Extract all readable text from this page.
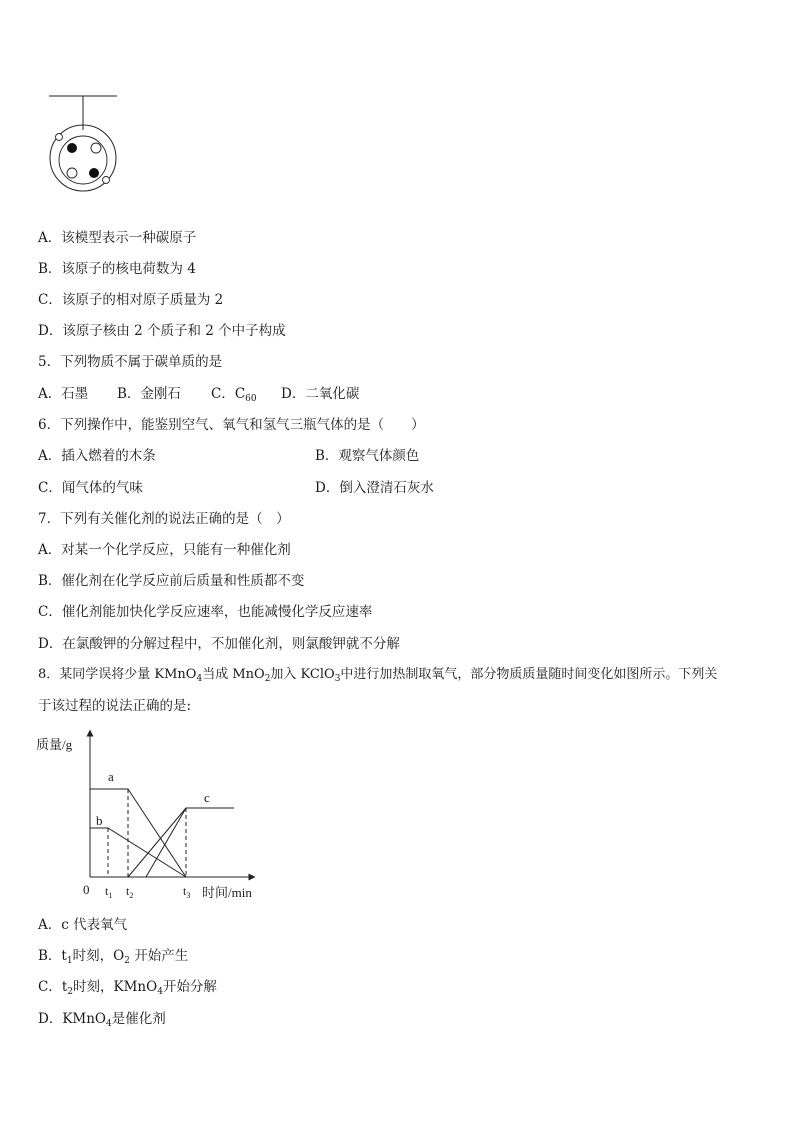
A．该模型表示一种碳原子
B．该原子的核电荷数为 4
C．该原子的相对原子质量为 2
D．该原子核由 2 个质子和 2 个中子构成
5．下列物质不属于碳单质的是
A．石墨 B．金刚石 C．$C_{60}$ D．二氧化碳
6．下列操作中，能鉴别空气、氧气和氢气三瓶气体的是（　　）
A．插入燃着的木条	B．观察气体颜色
C．闻气体的气味	D．倒入澄清石灰水
7．下列有关催化剂的说法正确的是（　）
A．对某一个化学反应，只能有一种催化剂
B．催化剂在化学反应前后质量和性质都不变
C．催化剂能加快化学反应速率，也能减慢化学反应速率
D．在氯酸钾的分解过程中，不加催化剂，则氯酸钾就不分解
8．某同学误将少量 KMnO$_4$当成 MnO$_2$加入 KClO$_3$中进行加热制取氧气，部分物质质量随时间变化如图所示。下列关
于该过程的说法正确的是:
质量/g
a
b
c
0 $t_1$ $t_2$	$t_3$ 时间/min
A．c 代表氧气
B．$t_1$时刻，$O_2$ 开始产生
C．$t_2$时刻，KMnO$_4$开始分解
D．KMnO$_4$是催化剂
